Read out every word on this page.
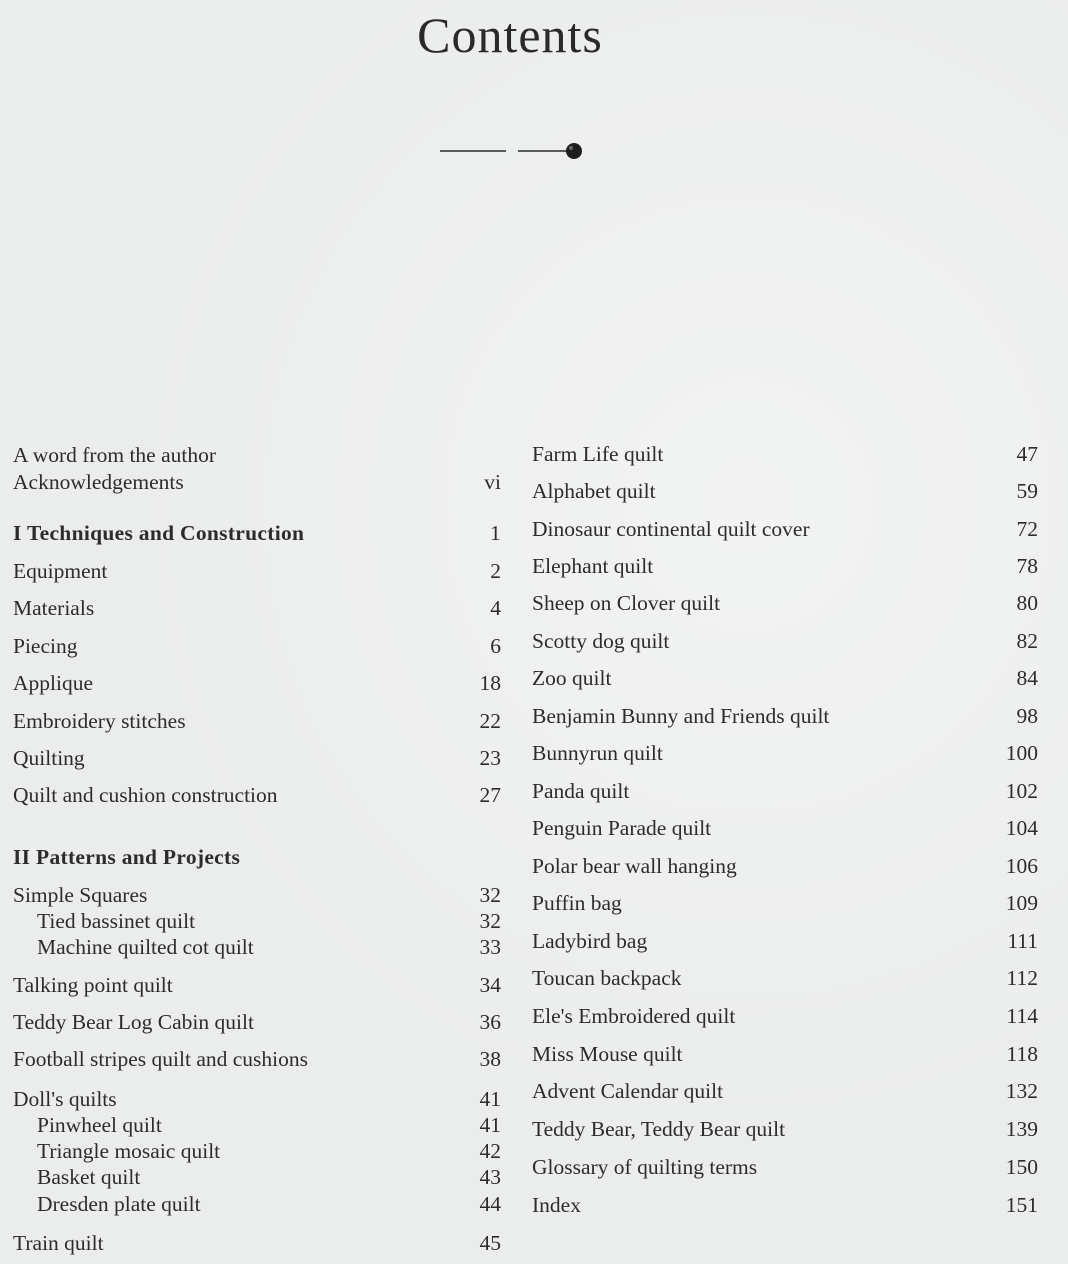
Contents
A word from the author
Acknowledgements	vi
I Techniques and Construction	1
Equipment	2
Materials	4
Piecing	6
Applique	18
Embroidery stitches	22
Quilting	23
Quilt and cushion construction	27
II Patterns and Projects
Simple Squares	32
Tied bassinet quilt	32
Machine quilted cot quilt	33
Talking point quilt	34
Teddy Bear Log Cabin quilt	36
Football stripes quilt and cushions	38
Doll's quilts	41
Pinwheel quilt	41
Triangle mosaic quilt	42
Basket quilt	43
Dresden plate quilt	44
Train quilt	45
Farm Life quilt	47
Alphabet quilt	59
Dinosaur continental quilt cover	72
Elephant quilt	78
Sheep on Clover quilt	80
Scotty dog quilt	82
Zoo quilt	84
Benjamin Bunny and Friends quilt	98
Bunnyrun quilt	100
Panda quilt	102
Penguin Parade quilt	104
Polar bear wall hanging	106
Puffin bag	109
Ladybird bag	111
Toucan backpack	112
Ele's Embroidered quilt	114
Miss Mouse quilt	118
Advent Calendar quilt	132
Teddy Bear, Teddy Bear quilt	139
Glossary of quilting terms	150
Index	151
